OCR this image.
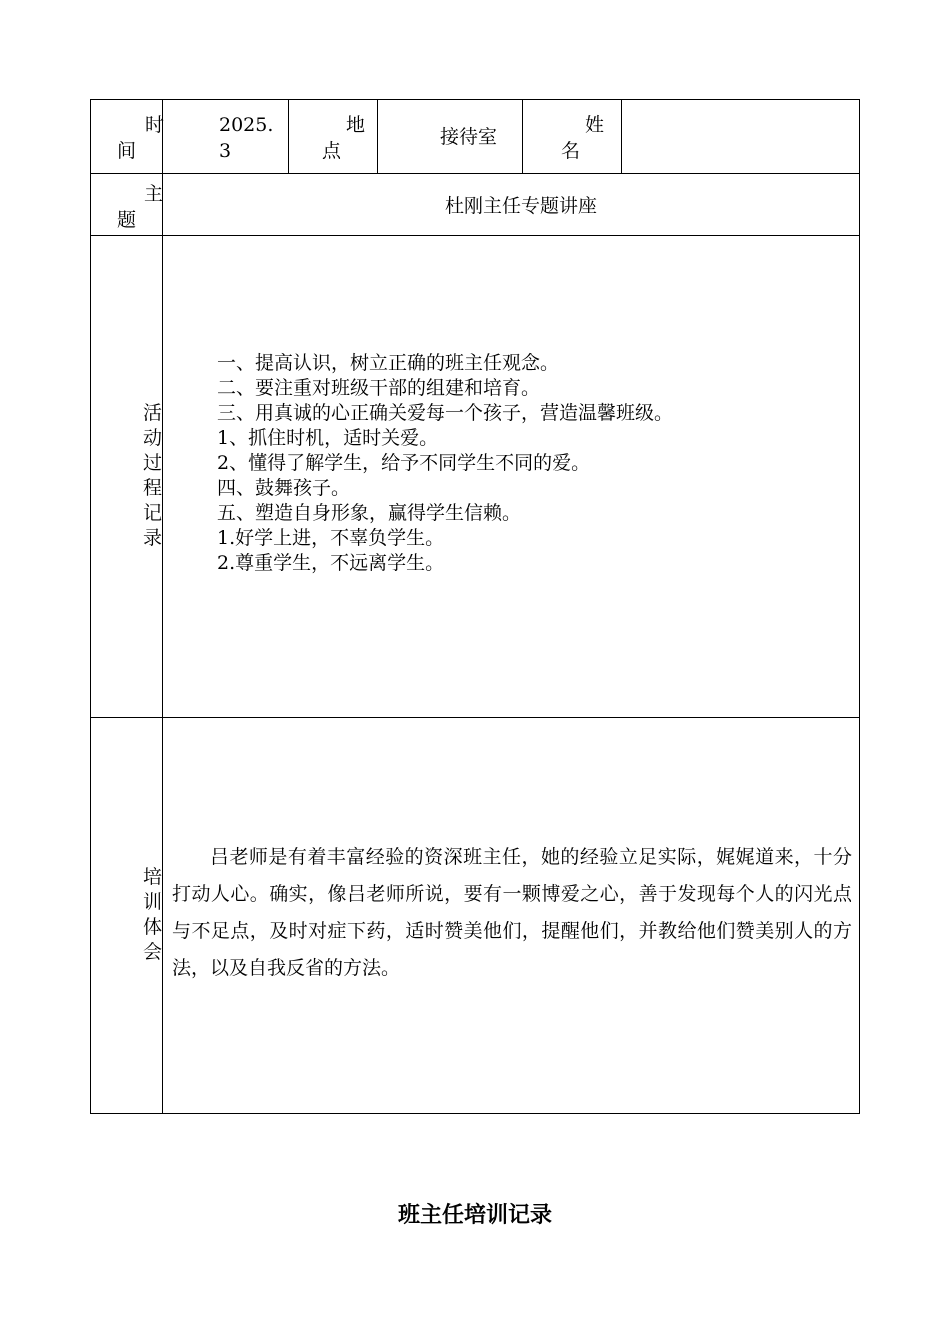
时间
2025.3
地点
接待室
姓名
主题
杜刚主任专题讲座
活动过程记录
一、提高认识，树立正确的班主任观念。
二、要注重对班级干部的组建和培育。
三、用真诚的心正确关爱每一个孩子，营造温馨班级。
1、抓住时机，适时关爱。
2、懂得了解学生，给予不同学生不同的爱。
四、鼓舞孩子。
五、塑造自身形象，赢得学生信赖。
1.好学上进，不辜负学生。
2.尊重学生，不远离学生。
培训体会
吕老师是有着丰富经验的资深班主任，她的经验立足实际，娓娓道来，十分打动人心。确实，像吕老师所说，要有一颗博爱之心，善于发现每个人的闪光点与不足点，及时对症下药，适时赞美他们，提醒他们，并教给他们赞美别人的方法，以及自我反省的方法。
班主任培训记录
